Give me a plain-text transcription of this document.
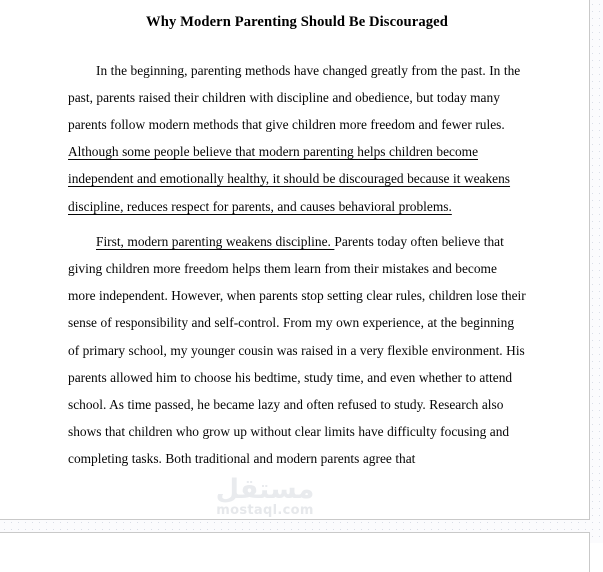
Why Modern Parenting Should Be Discouraged

In the beginning, parenting methods have changed greatly from the past. In the past, parents raised their children with discipline and obedience, but today many parents follow modern methods that give children more freedom and fewer rules. Although some people believe that modern parenting helps children become independent and emotionally healthy, it should be discouraged because it weakens discipline, reduces respect for parents, and causes behavioral problems.

First, modern parenting weakens discipline. Parents today often believe that giving children more freedom helps them learn from their mistakes and become more independent. However, when parents stop setting clear rules, children lose their sense of responsibility and self-control. From my own experience, at the beginning of primary school, my younger cousin was raised in a very flexible environment. His parents allowed him to choose his bedtime, study time, and even whether to attend school. As time passed, he became lazy and often refused to study. Research also shows that children who grow up without clear limits have difficulty focusing and completing tasks. Both traditional and modern parents agree that

مستقل
mostaql.com
